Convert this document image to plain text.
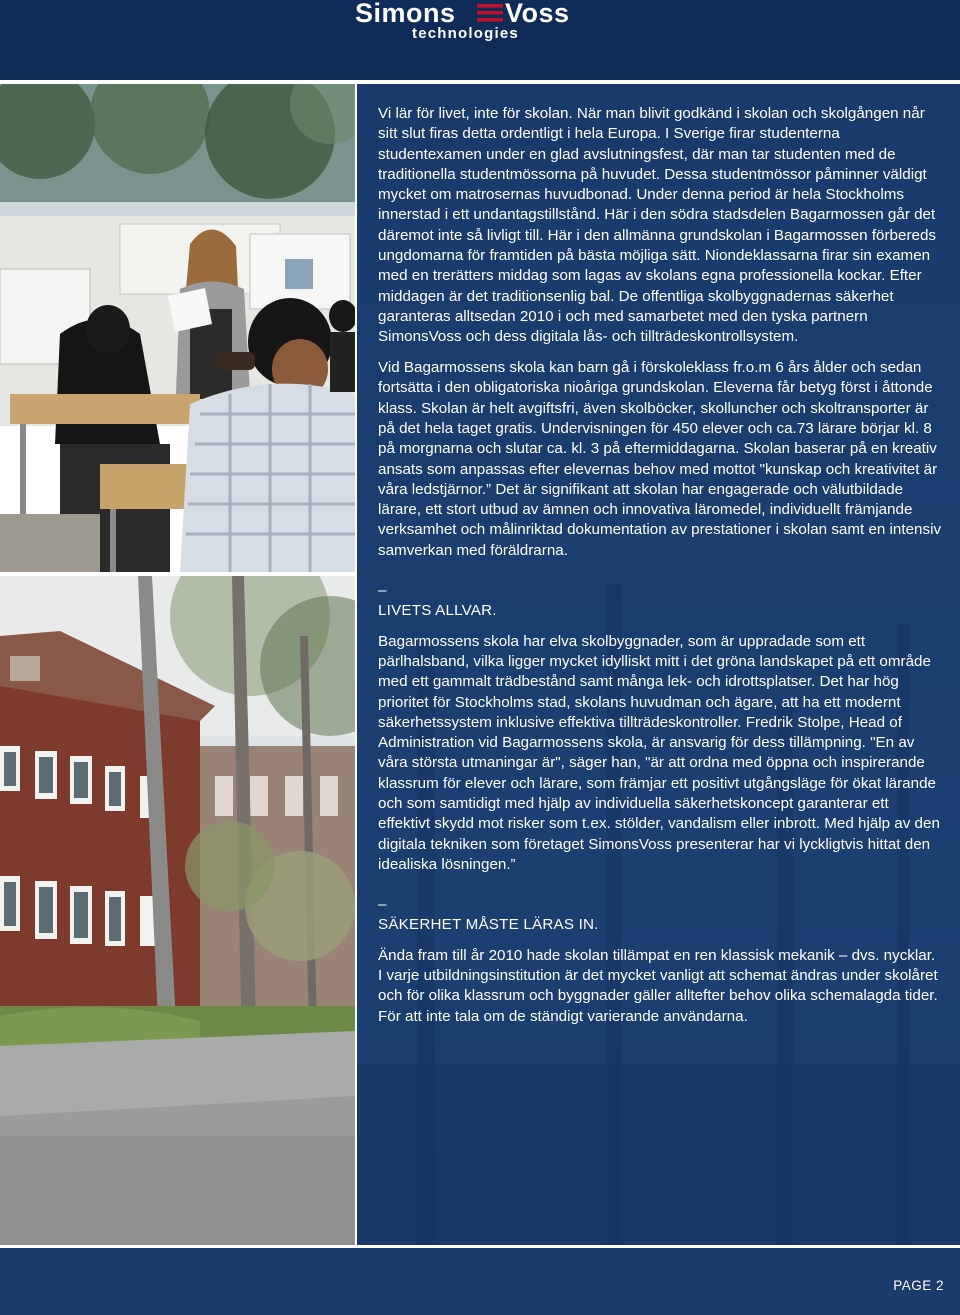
Simons Voss
technologies

Vi lär för livet, inte för skolan. När man blivit godkänd i skolan och skolgången når sitt slut firas detta ordentligt i hela Europa. I Sverige firar studenterna studentexamen under en glad avslutningsfest, där man tar studenten med de traditionella studentmössorna på huvudet. Dessa studentmössor påminner väldigt mycket om matrosernas huvudbonad. Under denna period är hela Stockholms innerstad i ett undantagstillstånd. Här i den södra stadsdelen Bagarmossen går det däremot inte så livligt till. Här i den allmänna grundskolan i Bagarmossen förbereds ungdomarna för framtiden på bästa möjliga sätt. Niondeklassarna firar sin examen med en trerätters middag som lagas av skolans egna professionella kockar. Efter middagen är det traditionsenlig bal. De offentliga skolbyggnadernas säkerhet garanteras alltsedan 2010 i och med samarbetet med den tyska partnern SimonsVoss och dess digitala lås- och tillträdeskontrollsystem.

Vid Bagarmossens skola kan barn gå i förskoleklass fr.o.m 6 års ålder och sedan fortsätta i den obligatoriska nioåriga grundskolan. Eleverna får betyg först i åttonde klass. Skolan är helt avgiftsfri, även skolböcker, skolluncher och skoltransporter är på det hela taget gratis. Undervisningen för 450 elever och ca.73 lärare börjar kl. 8 på morgnarna och slutar ca. kl. 3 på eftermiddagarna. Skolan baserar på en kreativ ansats som anpassas efter elevernas behov med mottot "kunskap och kreativitet är våra ledstjärnor.” Det är signifikant att skolan har engagerade och välutbildade lärare, ett stort utbud av ämnen och innovativa läromedel, individuellt främjande verksamhet och målinriktad dokumentation av prestationer i skolan samt en intensiv samverkan med föräldrarna.

–

LIVETS ALLVAR.

Bagarmossens skola har elva skolbyggnader, som är uppradade som ett pärlhalsband, vilka ligger mycket idylliskt mitt i det gröna landskapet på ett område med ett gammalt trädbestånd samt många lek- och idrottsplatser. Det har hög prioritet för Stockholms stad, skolans huvudman och ägare, att ha ett modernt säkerhetssystem inklusive effektiva tillträdeskontroller. Fredrik Stolpe, Head of Administration vid Bagarmossens skola, är ansvarig för dess tillämpning. "En av våra största utmaningar är", säger han, "är att ordna med öppna och inspirerande klassrum för elever och lärare, som främjar ett positivt utgångsläge för ökat lärande och som samtidigt med hjälp av individuella säkerhetskoncept garanterar ett effektivt skydd mot risker som t.ex. stölder, vandalism eller inbrott. Med hjälp av den digitala tekniken som företaget SimonsVoss presenterar har vi lyckligtvis hittat den idealiska lösningen.”

–

SÄKERHET MÅSTE LÄRAS IN.

Ända fram till år 2010 hade skolan tillämpat en ren klassisk mekanik – dvs. nycklar. I varje utbildningsinstitution är det mycket vanligt att schemat ändras under skolåret och för olika klassrum och byggnader gäller alltefter behov olika schemalagda tider. För att inte tala om de ständigt varierande användarna.

PAGE 2
